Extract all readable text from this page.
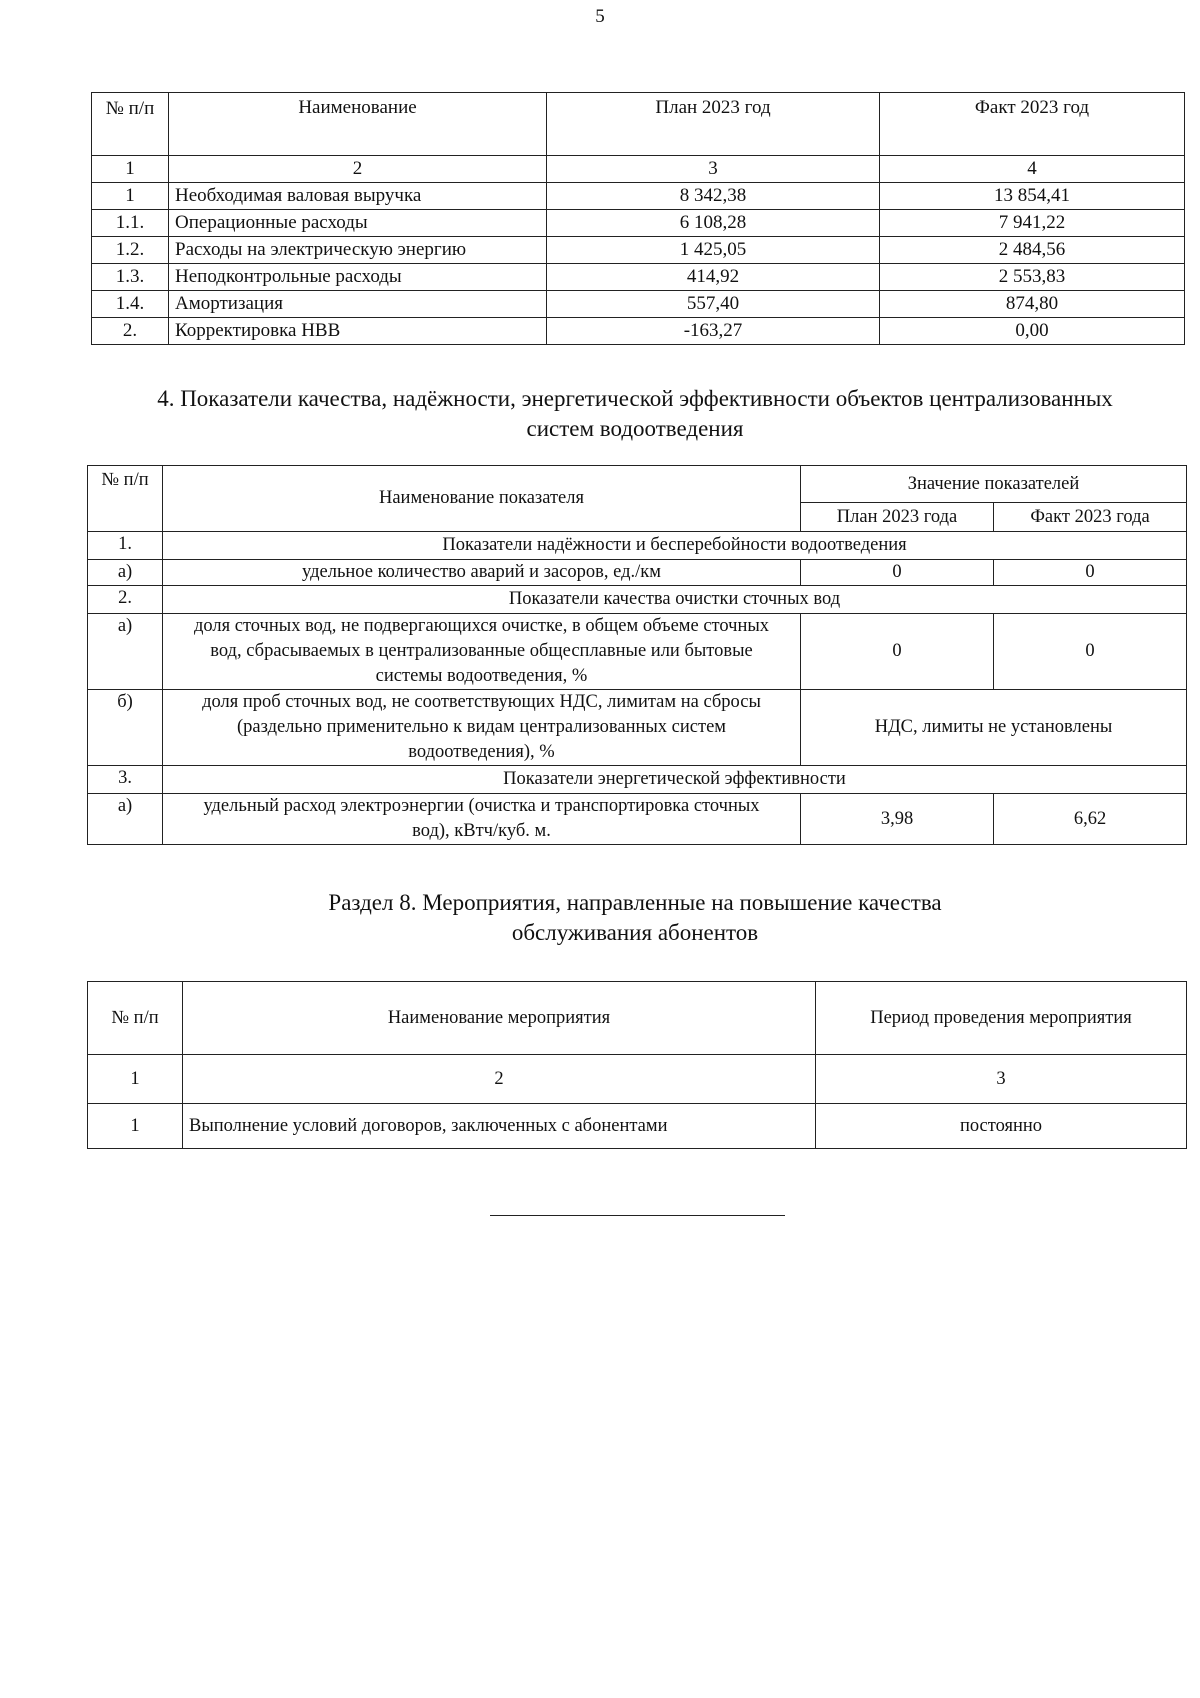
5
№ п/п	Наименование	План 2023 год	Факт 2023 год
1	2	3	4
1	Необходимая валовая выручка	8 342,38	13 854,41
1.1.	Операционные расходы	6 108,28	7 941,22
1.2.	Расходы на электрическую энергию	1 425,05	2 484,56
1.3.	Неподконтрольные расходы	414,92	2 553,83
1.4.	Амортизация	557,40	874,80
2.	Корректировка НВВ	-163,27	0,00
4. Показатели качества, надёжности, энергетической эффективности объектов централизованных
систем водоотведения
№ п/п	Наименование показателя	Значение показателей	
		План 2023 года	Факт 2023 года
1.	Показатели надёжности и бесперебойности водоотведения		
а)	удельное количество аварий и засоров, ед./км	0	0
2.	Показатели качества очистки сточных вод		
а)	доля сточных вод, не подвергающихся очистке, в общем объеме сточных вод, сбрасываемых в централизованные общесплавные или бытовые системы водоотведения, %	0	0
б)	доля проб сточных вод, не соответствующих НДС, лимитам на сбросы (раздельно применительно к видам централизованных систем водоотведения), %	НДС, лимиты не установлены	
3.	Показатели энергетической эффективности		
а)	удельный расход электроэнергии (очистка и транспортировка сточных вод), кВтч/куб. м.	3,98	6,62
Раздел 8. Мероприятия, направленные на повышение качества
обслуживания абонентов
№ п/п	Наименование мероприятия	Период проведения мероприятия
1	2	3
1	Выполнение условий договоров, заключенных с абонентами	постоянно
